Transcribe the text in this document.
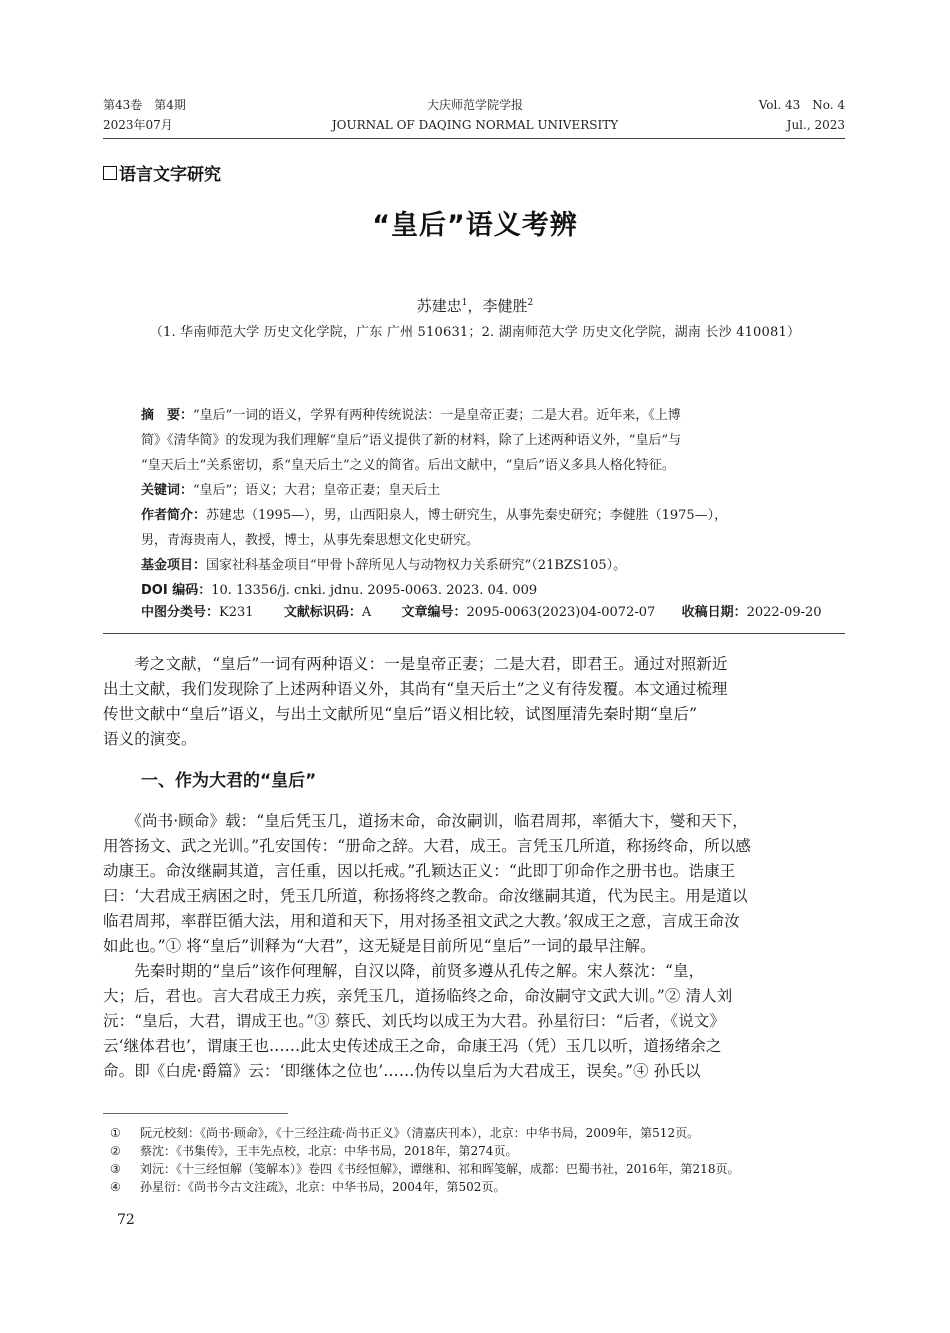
第43卷　第4期
2023年07月
大庆师范学院学报
JOURNAL OF DAQING NORMAL UNIVERSITY
Vol. 43　No. 4
Jul., 2023
语言文字研究
“皇后”语义考辨
苏建忠$^1$，李健胜$^2$
（1. 华南师范大学 历史文化学院，广东 广州 510631；2. 湖南师范大学 历史文化学院，湖南 长沙 410081）
摘　要：“皇后”一词的语义，学界有两种传统说法：一是皇帝正妻；二是大君。近年来，《上博
简》《清华简》的发现为我们理解“皇后”语义提供了新的材料，除了上述两种语义外，“皇后”与
“皇天后土”关系密切，系“皇天后土”之义的简省。后出文献中，“皇后”语义多具人格化特征。
关键词：“皇后”；语义；大君；皇帝正妻；皇天后土
作者简介：苏建忠（1995—），男，山西阳泉人，博士研究生，从事先秦史研究；李健胜（1975—），
男，青海贵南人，教授，博士，从事先秦思想文化史研究。
基金项目：国家社科基金项目“甲骨卜辞所见人与动物权力关系研究”（21BZS105）。
DOI 编码：10. 13356/j. cnki. jdnu. 2095-0063. 2023. 04. 009
中图分类号：K231 文献标识码：A 文章编号：2095-0063(2023)04-0072-07 收稿日期：2022-09-20
　　考之文献，“皇后”一词有两种语义：一是皇帝正妻；二是大君，即君王。通过对照新近
出土文献，我们发现除了上述两种语义外，其尚有“皇天后土”之义有待发覆。本文通过梳理
传世文献中“皇后”语义，与出土文献所见“皇后”语义相比较，试图厘清先秦时期“皇后”
语义的演变。
一、作为大君的“皇后”
　　《尚书·顾命》载：“皇后凭玉几，道扬末命，命汝嗣训，临君周邦，率循大卞，燮和天下，
用答扬文、武之光训。”孔安国传：“册命之辞。大君，成王。言凭玉几所道，称扬终命，所以感
动康王。命汝继嗣其道，言任重，因以托戒。”孔颖达正义：“此即丁卯命作之册书也。诰康王
曰：‘大君成王病困之时，凭玉几所道，称扬将终之教命。命汝继嗣其道，代为民主。用是道以
临君周邦，率群臣循大法，用和道和天下，用对扬圣祖文武之大教。’叙成王之意，言成王命汝
如此也。”① 将“皇后”训释为“大君”，这无疑是目前所见“皇后”一词的最早注解。
　　先秦时期的“皇后”该作何理解，自汉以降，前贤多遵从孔传之解。宋人蔡沈：“皇，
大；后，君也。言大君成王力疾，亲凭玉几，道扬临终之命，命汝嗣守文武大训。”② 清人刘
沅：“皇后，大君，谓成王也。”③ 蔡氏、刘氏均以成王为大君。孙星衍曰：“后者，《说文》
云‘继体君也’，谓康王也……此太史传述成王之命，命康王冯（凭）玉几以听，道扬绪余之
命。即《白虎·爵篇》云：‘即继体之位也’……伪传以皇后为大君成王，误矣。”④ 孙氏以
① 阮元校刻：《尚书·顾命》，《十三经注疏·尚书正义》（清嘉庆刊本），北京：中华书局，2009年，第512页。
② 蔡沈：《书集传》，王丰先点校，北京：中华书局，2018年，第274页。
③ 刘沅：《十三经恒解（笺解本）》卷四《书经恒解》，谭继和、祁和晖笺解，成都：巴蜀书社，2016年，第218页。
④ 孙星衍：《尚书今古文注疏》，北京：中华书局，2004年，第502页。
72
